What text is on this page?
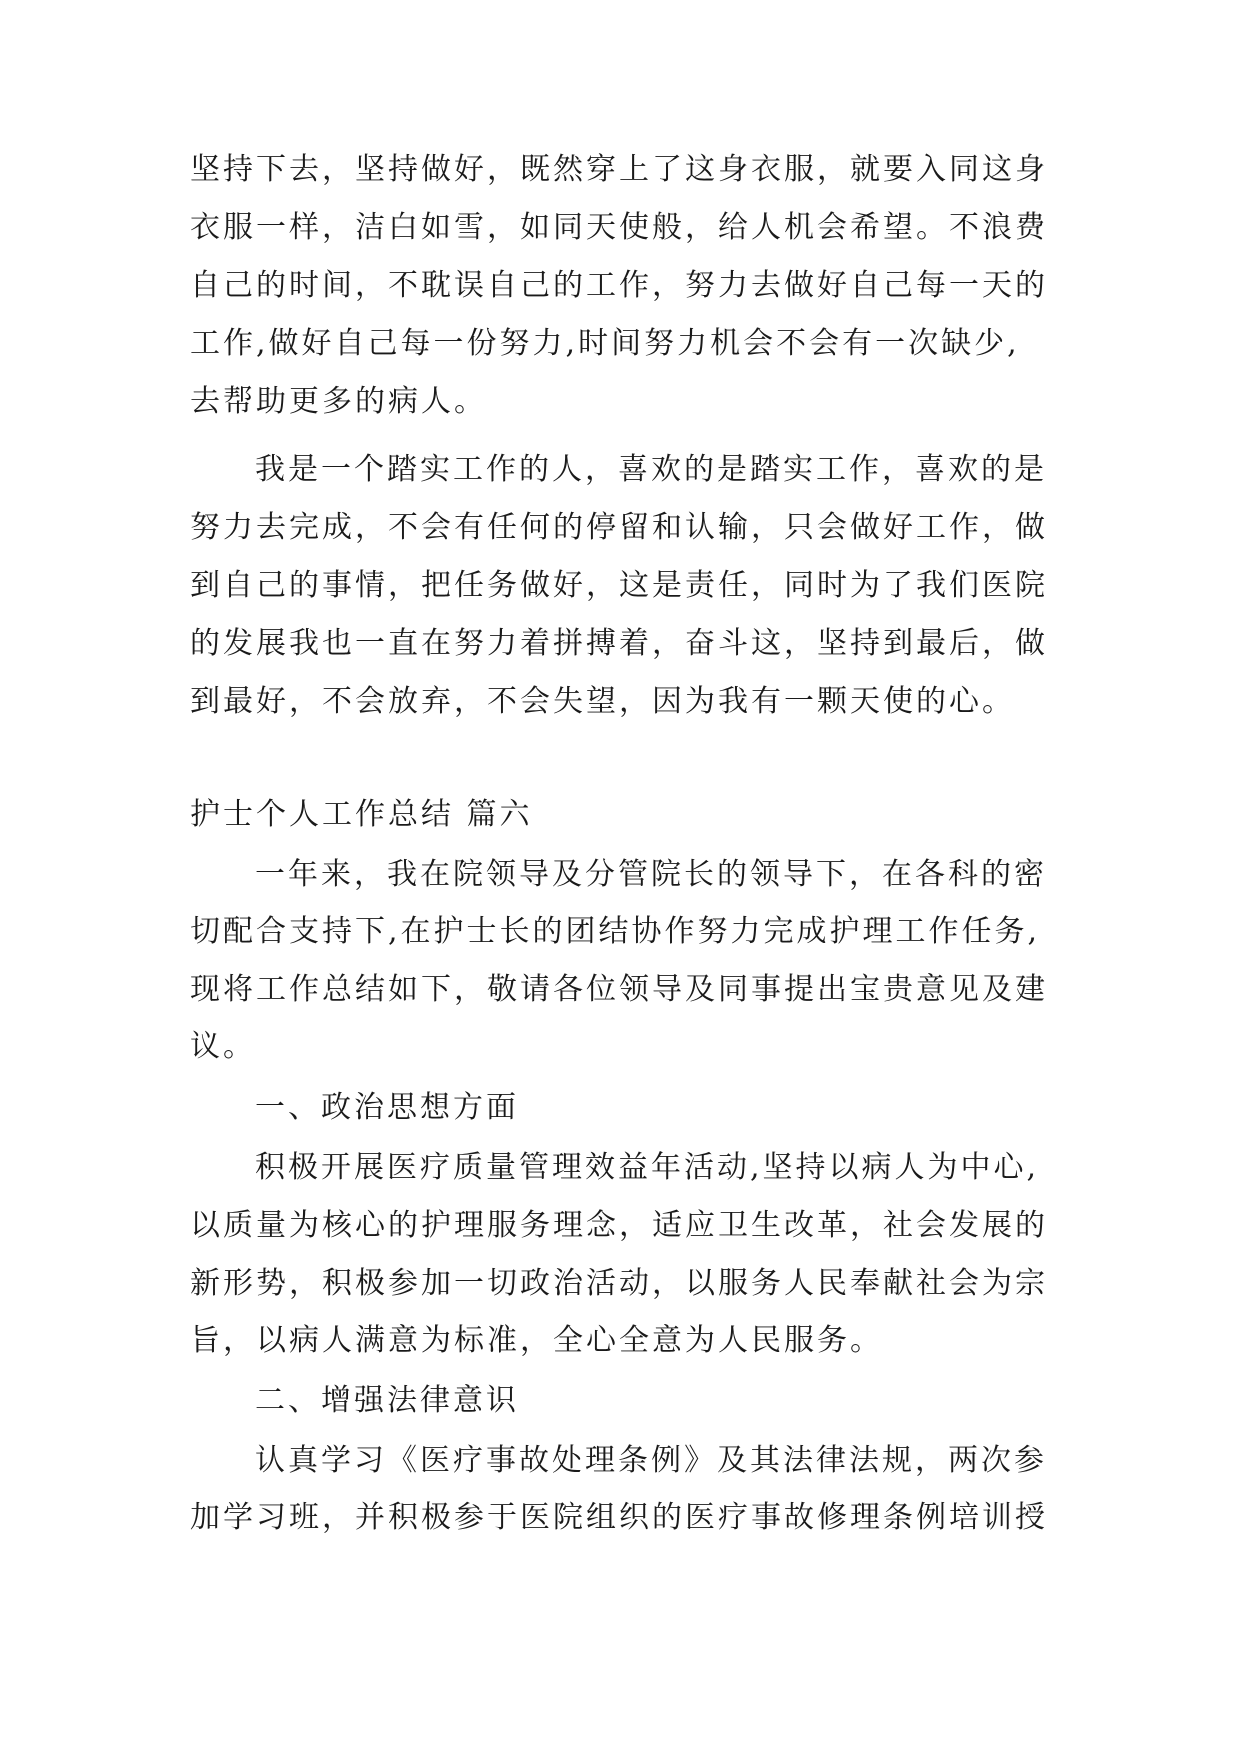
坚持下去，坚持做好，既然穿上了这身衣服，就要入同这身
衣服一样，洁白如雪，如同天使般，给人机会希望。不浪费
自己的时间，不耽误自己的工作，努力去做好自己每一天的
工作,做好自己每一份努力,时间努力机会不会有一次缺少,
去帮助更多的病人。
我是一个踏实工作的人，喜欢的是踏实工作，喜欢的是
努力去完成，不会有任何的停留和认输，只会做好工作，做
到自己的事情，把任务做好，这是责任，同时为了我们医院
的发展我也一直在努力着拼搏着，奋斗这，坚持到最后，做
到最好，不会放弃，不会失望，因为我有一颗天使的心。
护士个人工作总结 篇六
一年来，我在院领导及分管院长的领导下，在各科的密
切配合支持下,在护士长的团结协作努力完成护理工作任务,
现将工作总结如下，敬请各位领导及同事提出宝贵意见及建
议。
一、政治思想方面
积极开展医疗质量管理效益年活动,坚持以病人为中心,
以质量为核心的护理服务理念，适应卫生改革，社会发展的
新形势，积极参加一切政治活动，以服务人民奉献社会为宗
旨，以病人满意为标准，全心全意为人民服务。
二、增强法律意识
认真学习《医疗事故处理条例》及其法律法规，两次参
加学习班，并积极参于医院组织的医疗事故修理条例培训授
